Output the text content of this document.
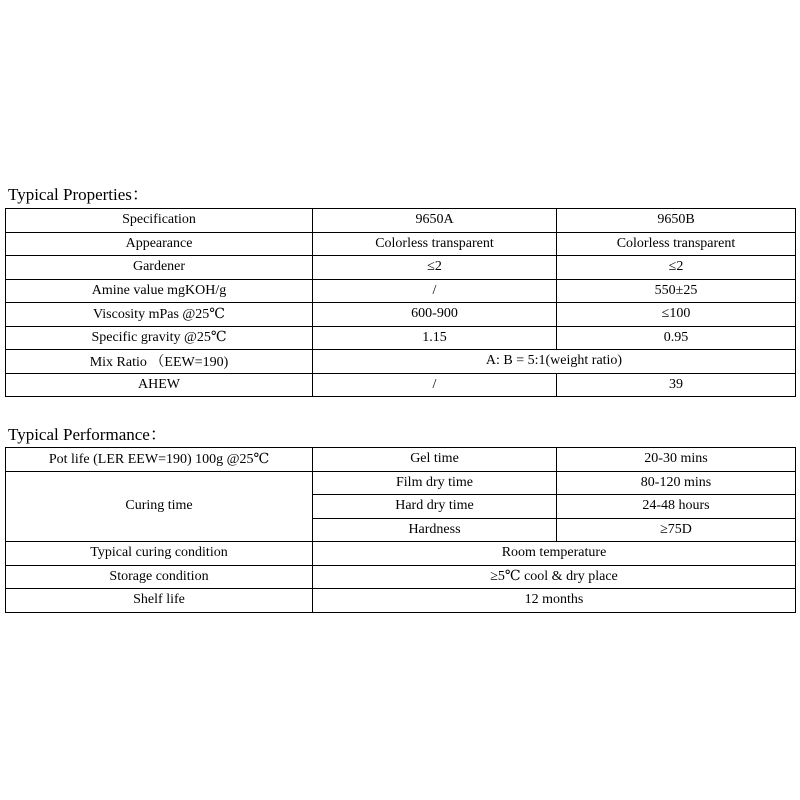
Typical Properties：
Specification	9650A	9650B
Appearance	Colorless transparent	Colorless transparent
Gardener	≤2	≤2
Amine value mgKOH/g	/	550±25
Viscosity mPas @25℃	600-900	≤100
Specific gravity @25℃	1.15	0.95
Mix Ratio （EEW=190)	A: B = 5:1(weight ratio)	
AHEW	/	39
Typical Performance：
Pot life (LER EEW=190) 100g @25℃	Gel time	20-30 mins
Curing time	Film dry time	80-120 mins
	Hard dry time	24-48 hours
	Hardness	≥75D
Typical curing condition	Room temperature	
Storage condition	≥5℃ cool & dry place	
Shelf life	12 months	
